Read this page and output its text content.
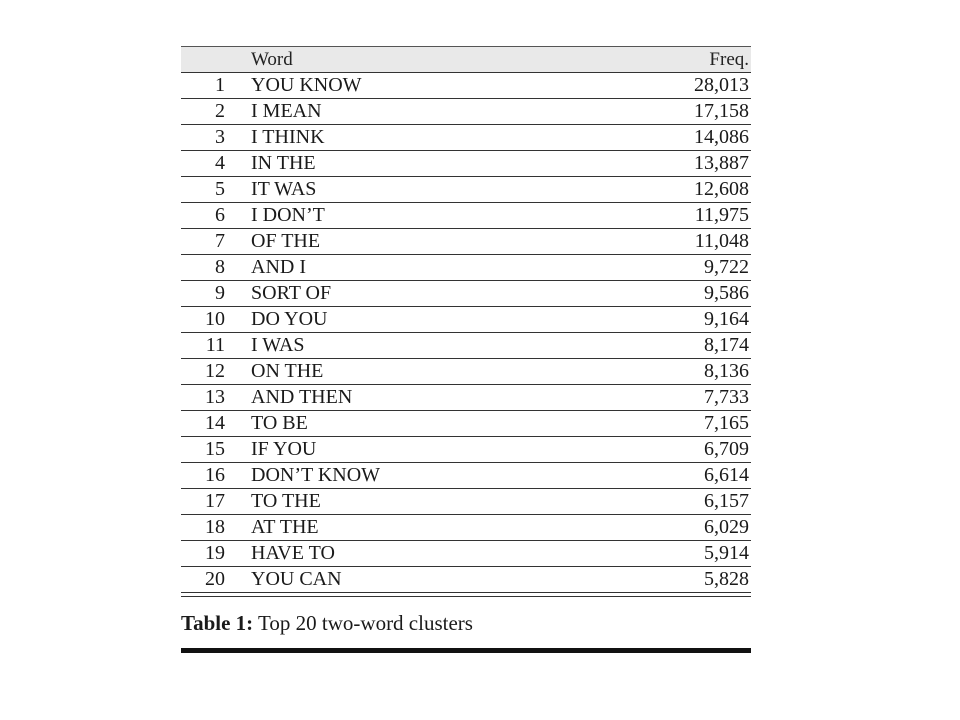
Word	Freq.
1 YOU KNOW	28,013
2 I MEAN	17,158
3 I THINK	14,086
4 IN THE	13,887
5 IT WAS	12,608
6 I DON’T	11,975
7 OF THE	11,048
8 AND I	9,722
9 SORT OF	9,586
10 DO YOU	9,164
11 I WAS	8,174
12 ON THE	8,136
13 AND THEN	7,733
14 TO BE	7,165
15 IF YOU	6,709
16 DON’T KNOW	6,614
17 TO THE	6,157
18 AT THE	6,029
19 HAVE TO	5,914
20 YOU CAN	5,828
Table 1: Top 20 two-word clusters
